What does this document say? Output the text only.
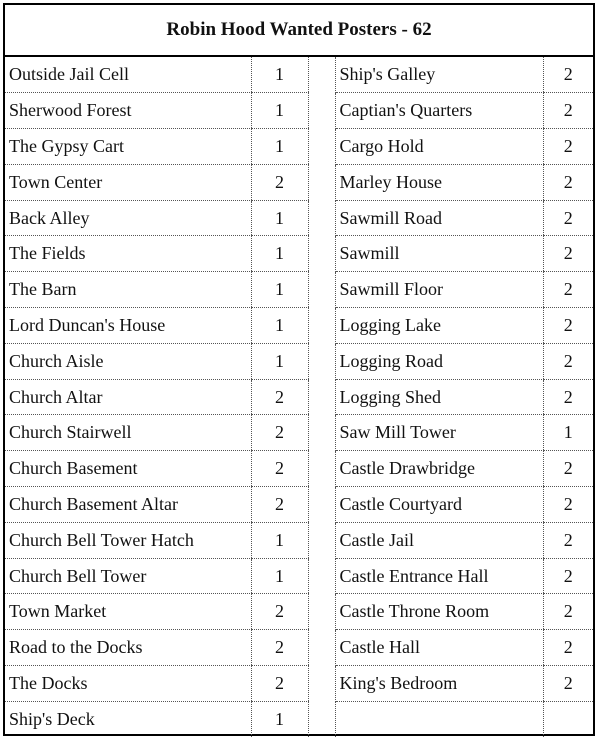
Robin Hood Wanted Posters - 62
Outside Jail Cell	1		Ship's Galley	2
Sherwood Forest	1		Captian's Quarters	2
The Gypsy Cart	1		Cargo Hold	2
Town Center	2		Marley House	2
Back Alley	1		Sawmill Road	2
The Fields	1		Sawmill	2
The Barn	1		Sawmill Floor	2
Lord Duncan's House	1		Logging Lake	2
Church Aisle	1		Logging Road	2
Church Altar	2		Logging Shed	2
Church Stairwell	2		Saw Mill Tower	1
Church Basement	2		Castle Drawbridge	2
Church Basement Altar	2		Castle Courtyard	2
Church Bell Tower Hatch	1		Castle Jail	2
Church Bell Tower	1		Castle Entrance Hall	2
Town Market	2		Castle Throne Room	2
Road to the Docks	2		Castle Hall	2
The Docks	2		King's Bedroom	2
Ship's Deck	1			
